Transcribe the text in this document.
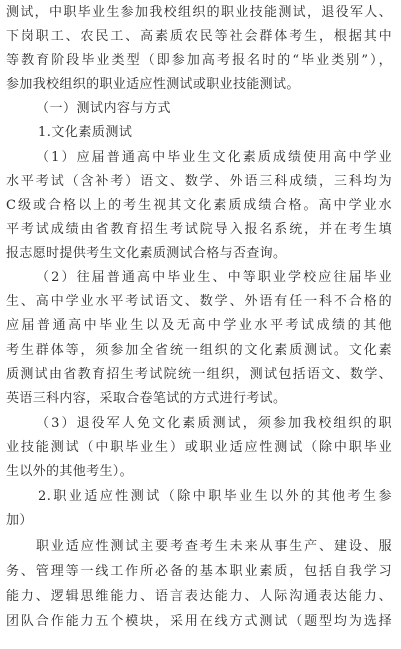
测试，中职毕业生参加我校组织的职业技能测试，退役军人、
下岗职工、农民工、高素质农民等社会群体考生，根据其中
等教育阶段毕业类型（即参加高考报名时的“毕业类别”），
参加我校组织的职业适应性测试或职业技能测试。
（一）测试内容与方式
1.文化素质测试
（1）应届普通高中毕业生文化素质成绩使用高中学业
水平考试（含补考）语文、数学、外语三科成绩，三科均为
C级或合格以上的考生视其文化素质成绩合格。高中学业水
平考试成绩由省教育招生考试院导入报名系统，并在考生填
报志愿时提供考生文化素质测试合格与否查询。
（2）往届普通高中毕业生、中等职业学校应往届毕业
生、高中学业水平考试语文、数学、外语有任一科不合格的
应届普通高中毕业生以及无高中学业水平考试成绩的其他
考生群体等，须参加全省统一组织的文化素质测试。文化素
质测试由省教育招生考试院统一组织，测试包括语文、数学、
英语三科内容，采取合卷笔试的方式进行考试。
（3）退役军人免文化素质测试，须参加我校组织的职
业技能测试（中职毕业生）或职业适应性测试（除中职毕业
生以外的其他考生）。
2.职业适应性测试（除中职毕业生以外的其他考生参
加）
职业适应性测试主要考查考生未来从事生产、建设、服
务、管理等一线工作所必备的基本职业素质，包括自我学习
能力、逻辑思维能力、语言表达能力、人际沟通表达能力、
团队合作能力五个模块，采用在线方式测试（题型均为选择
